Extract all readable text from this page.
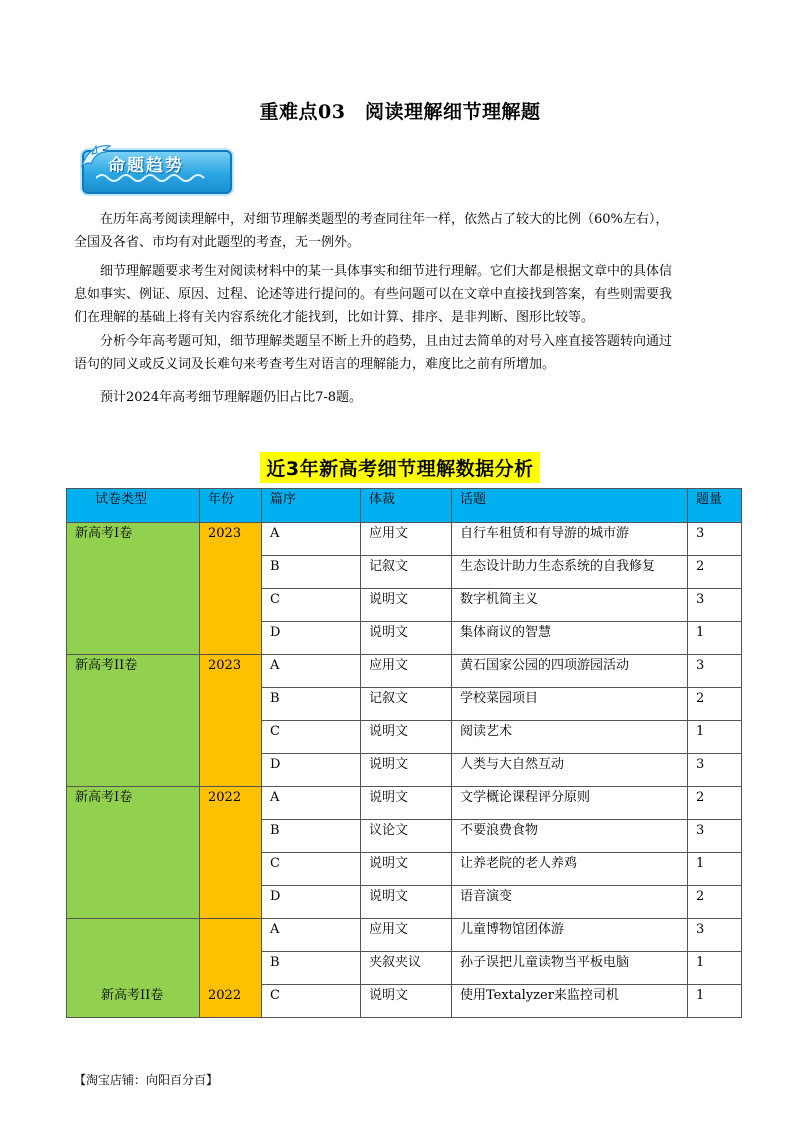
重难点03　阅读理解细节理解题
命题趋势
在历年高考阅读理解中，对细节理解类题型的考查同往年一样，依然占了较大的比例（60%左右），
全国及各省、市均有对此题型的考查，无一例外。
细节理解题要求考生对阅读材料中的某一具体事实和细节进行理解。它们大都是根据文章中的具体信
息如事实、例证、原因、过程、论述等进行提问的。有些问题可以在文章中直接找到答案，有些则需要我
们在理解的基础上将有关内容系统化才能找到，比如计算、排序、是非判断、图形比较等。
分析今年高考题可知，细节理解类题呈不断上升的趋势，且由过去简单的对号入座直接答题转向通过
语句的同义或反义词及长难句来考查考生对语言的理解能力，难度比之前有所增加。
预计2024年高考细节理解题仍旧占比7-8题。
近3年新高考细节理解数据分析
试卷类型	年份	篇序	体裁	话题	题量
新高考I卷	2023	A	应用文	自行车租赁和有导游的城市游	3
		B	记叙文	生态设计助力生态系统的自我修复	2
		C	说明文	数字机简主义	3
		D	说明文	集体商议的智慧	1
新高考II卷	2023	A	应用文	黄石国家公园的四项游园活动	3
		B	记叙文	学校菜园项目	2
		C	说明文	阅读艺术	1
		D	说明文	人类与大自然互动	3
新高考I卷	2022	A	说明文	文学概论课程评分原则	2
		B	议论文	不要浪费食物	3
		C	说明文	让养老院的老人养鸡	1
		D	说明文	语音演变	2
新高考II卷	2022	A	应用文	儿童博物馆团体游	3
		B	夹叙夹议	孙子误把儿童读物当平板电脑	1
		C	说明文	使用Textalyzer来监控司机	1
【淘宝店铺：向阳百分百】
